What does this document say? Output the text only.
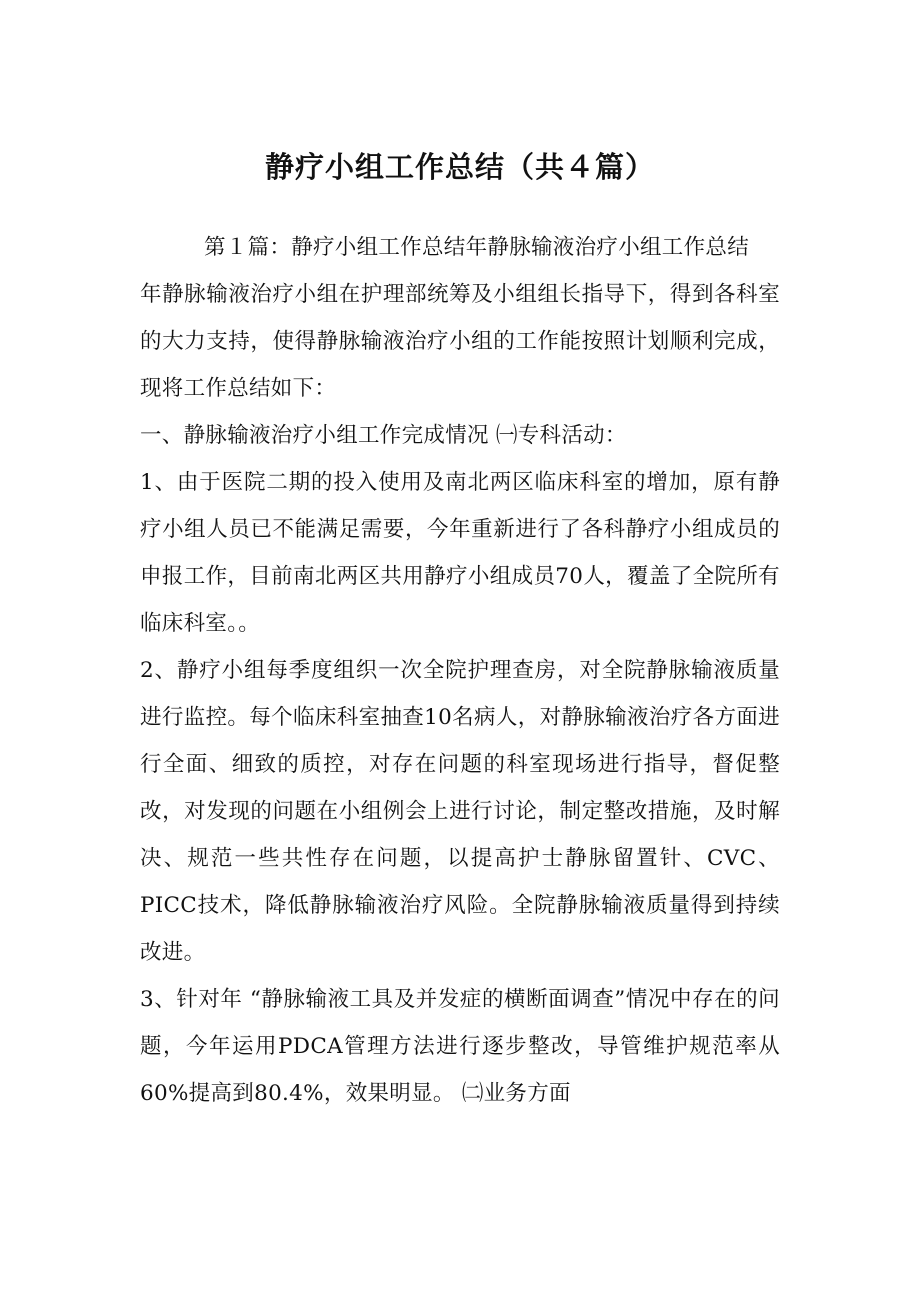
静疗小组工作总结（共４篇）

第１篇：静疗小组工作总结年静脉输液治疗小组工作总结

年静脉输液治疗小组在护理部统筹及小组组长指导下，得到各科室的大力支持，使得静脉输液治疗小组的工作能按照计划顺利完成，现将工作总结如下：

一、静脉输液治疗小组工作完成情况 ㈠专科活动：

1、由于医院二期的投入使用及南北两区临床科室的增加，原有静疗小组人员已不能满足需要，今年重新进行了各科静疗小组成员的申报工作，目前南北两区共用静疗小组成员70人，覆盖了全院所有临床科室。。

2、静疗小组每季度组织一次全院护理查房，对全院静脉输液质量进行监控。每个临床科室抽查10名病人，对静脉输液治疗各方面进行全面、细致的质控，对存在问题的科室现场进行指导，督促整改，对发现的问题在小组例会上进行讨论，制定整改措施，及时解决、规范一些共性存在问题，以提高护士静脉留置针、CVC、PICC技术，降低静脉输液治疗风险。全院静脉输液质量得到持续改进。

3、针对年 “静脉输液工具及并发症的横断面调查”情况中存在的问题，今年运用PDCA管理方法进行逐步整改，导管维护规范率从60%提高到80.4%，效果明显。 ㈡业务方面
